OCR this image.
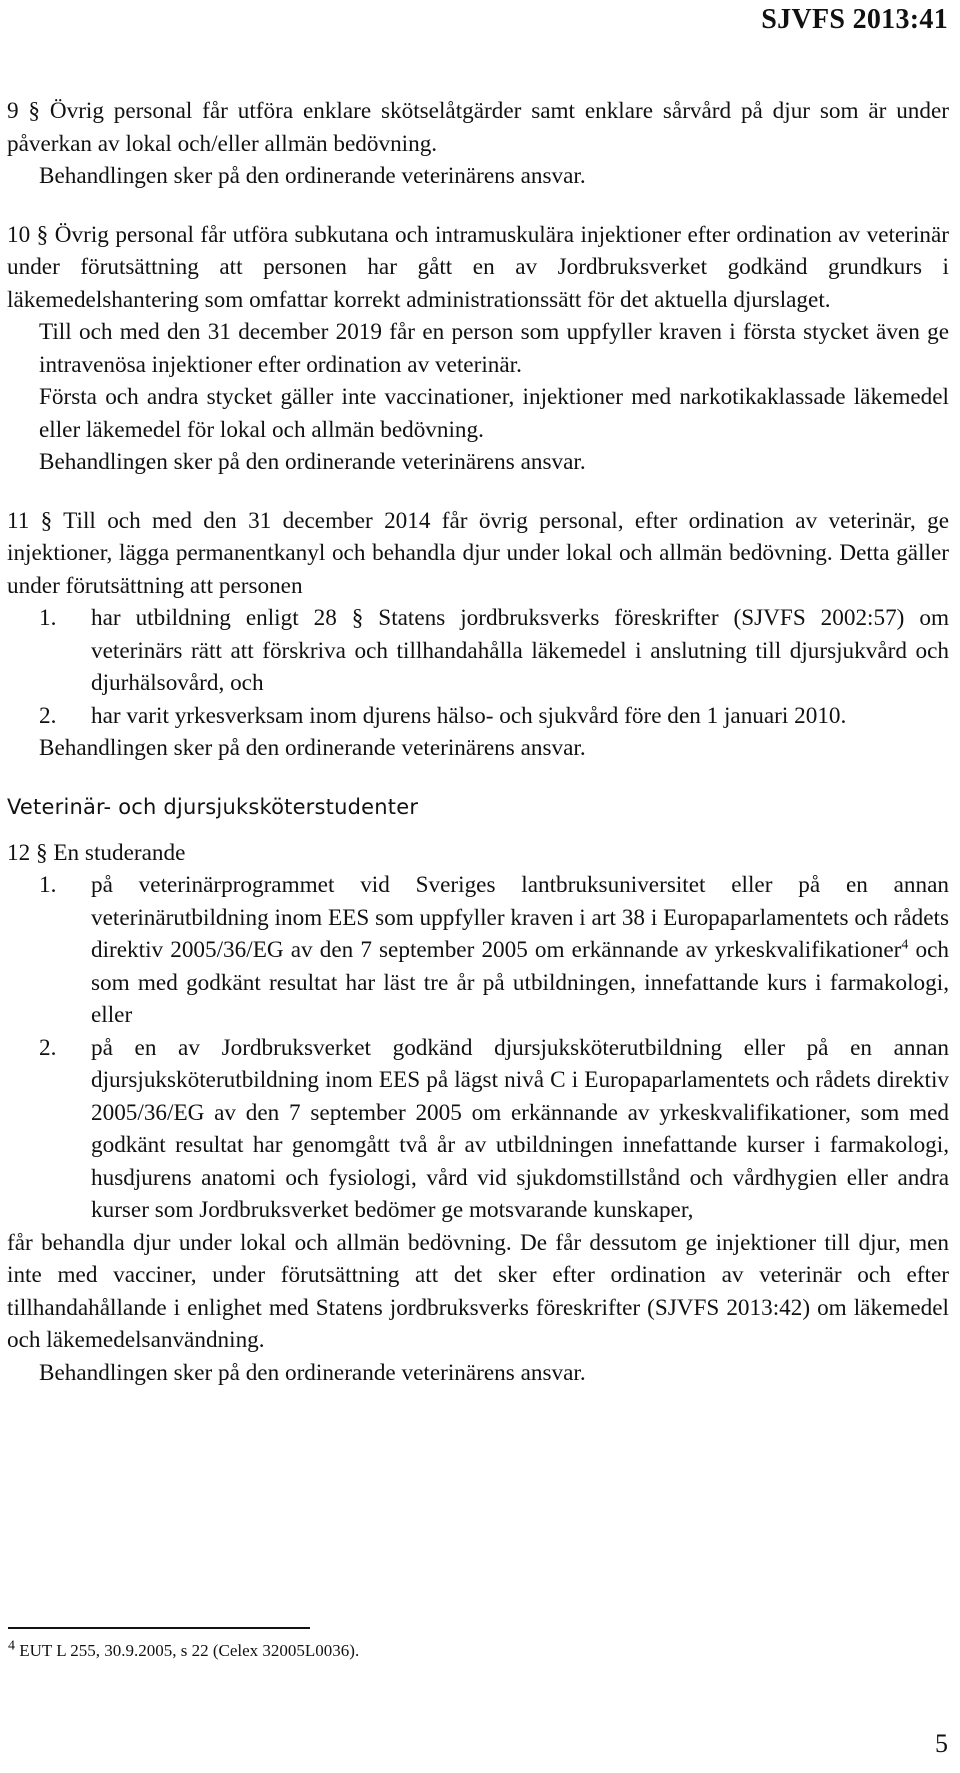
SJVFS 2013:41

9 § Övrig personal får utföra enklare skötselåtgärder samt enklare sårvård på djur som är under påverkan av lokal och/eller allmän bedövning.

Behandlingen sker på den ordinerande veterinärens ansvar.

10 § Övrig personal får utföra subkutana och intramuskulära injektioner efter ordination av veterinär under förutsättning att personen har gått en av Jordbruksverket godkänd grundkurs i läkemedelshantering som omfattar korrekt administrationssätt för det aktuella djurslaget.

Till och med den 31 december 2019 får en person som uppfyller kraven i första stycket även ge intravenösa injektioner efter ordination av veterinär.

Första och andra stycket gäller inte vaccinationer, injektioner med narkotikaklassade läkemedel eller läkemedel för lokal och allmän bedövning.

Behandlingen sker på den ordinerande veterinärens ansvar.

11 § Till och med den 31 december 2014 får övrig personal, efter ordination av veterinär, ge injektioner, lägga permanentkanyl och behandla djur under lokal och allmän bedövning. Detta gäller under förutsättning att personen

1.	har utbildning enligt 28 § Statens jordbruksverks föreskrifter (SJVFS 2002:57) om veterinärs rätt att förskriva och tillhandahålla läkemedel i anslutning till djursjukvård och djurhälsovård, och
2.	har varit yrkesverksam inom djurens hälso- och sjukvård före den 1 januari 2010.

Behandlingen sker på den ordinerande veterinärens ansvar.

Veterinär- och djursjuksköterstudenter

12 § En studerande

1.	på veterinärprogrammet vid Sveriges lantbruksuniversitet eller på en annan veterinärutbildning inom EES som uppfyller kraven i art 38 i Europaparlamentets och rådets direktiv 2005/36/EG av den 7 september 2005 om erkännande av yrkeskvalifikationer$^4$ och som med godkänt resultat har läst tre år på utbildningen, innefattande kurs i farmakologi, eller
2.	på en av Jordbruksverket godkänd djursjuksköterutbildning eller på en annan djursjuksköterutbildning inom EES på lägst nivå C i Europaparlamentets och rådets direktiv 2005/36/EG av den 7 september 2005 om erkännande av yrkeskvalifikationer, som med godkänt resultat har genomgått två år av utbildningen innefattande kurser i farmakologi, husdjurens anatomi och fysiologi, vård vid sjukdomstillstånd och vårdhygien eller andra kurser som Jordbruksverket bedömer ge motsvarande kunskaper,

får behandla djur under lokal och allmän bedövning. De får dessutom ge injektioner till djur, men inte med vacciner, under förutsättning att det sker efter ordination av veterinär och efter tillhandahållande i enlighet med Statens jordbruksverks föreskrifter (SJVFS 2013:42) om läkemedel och läkemedelsanvändning.

Behandlingen sker på den ordinerande veterinärens ansvar.

$^4$ EUT L 255, 30.9.2005, s 22 (Celex 32005L0036).
5
